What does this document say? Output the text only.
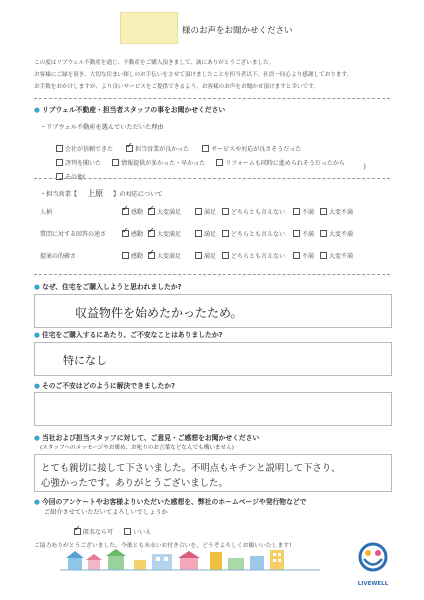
様のお声をお聞かせください
この度はリブウェル不動産を通じ、不動産をご購入頂きまして、誠にありがとうございました。
お客様にご縁を頂き、大切な住まい探しのお手伝いをさせて頂けましたことを担当者以下、社員一同心より感謝しております。
お手数をおかけしますが、より良いサービスをご提供できるよう、お客様のお声をお聞かせ頂けますと幸いです。
● リブウェル不動産・担当者スタッフの事をお聞かせください
・リブウェル不動産を選んでいただいた理由
会社が信頼できた ✓	担当営業が良かった	サービスや対応が良さそうだった
評判を聞いた	情報提供が多かった・早かった	リフォームも同時に進められそうだったから
その他(
)
・担当営業【 上原 】の対応について
人柄 ✓	感動 ✓	大変満足	満足	どちらとも言えない	不満	大変不満
質問に対する回答の速さ ✓	感動 ✓	大変満足	満足	どちらとも言えない	不満	大変不満
提案の的確さ	感動 ✓	大変満足	満足	どちらとも言えない	不満	大変不満
● なぜ、住宅をご購入しようと思われましたか?
収益物件を始めたかったため。
● 住宅をご購入するにあたり、ご不安なことはありましたか?
特になし
● そのご不安はどのように解決できましたか?
● 当社および担当スタッフに対して、ご意見・ご感想をお聞かせください
(スタッフへのメッセージやお褒め、お叱りのお言葉などなんでも構いません)
とても親切に接して下さいました。不明点もキチンと説明して下さり、
心強かったです。ありがとうございました。
● 今回のアンケートやお客様よりいただいた感想を、弊社のホームページや発行物などで
ご紹介させていただいてよろしいでしょうか
✓匿名なら可	いいえ
ご協力ありがとうございました。今後とも末永いお付き合いを、どうぞよろしくお願いいたします!
LIVEWELL
